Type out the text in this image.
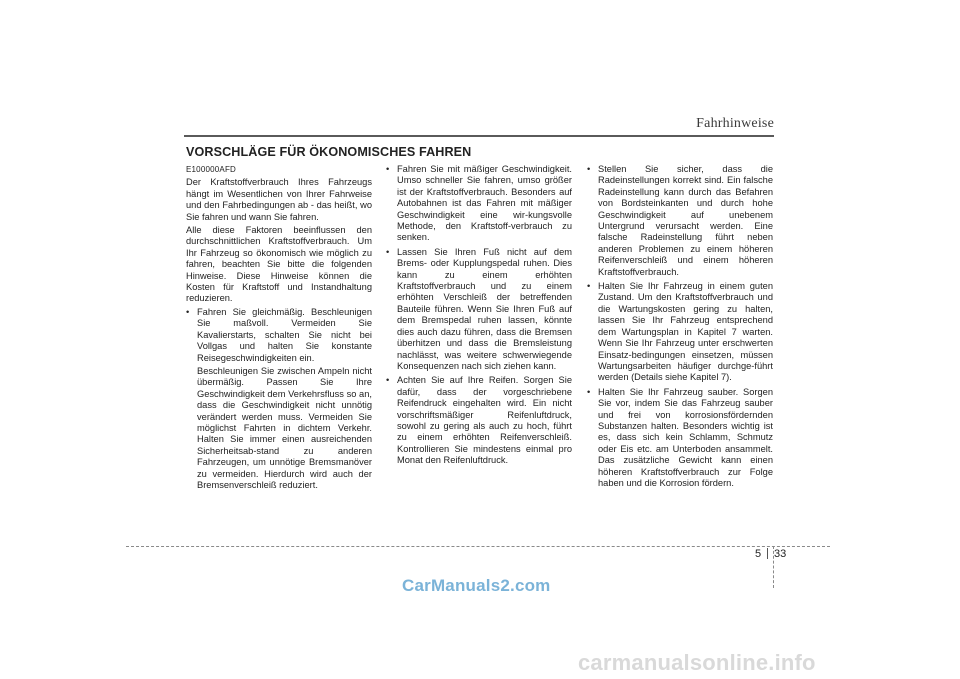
Fahrhinweise
VORSCHLÄGE FÜR ÖKONOMISCHES FAHREN

E100000AFD

Der Kraftstoffverbrauch Ihres Fahrzeugs hängt im Wesentlichen von Ihrer Fahrweise und den Fahrbedingungen ab - das heißt, wo Sie fahren und wann Sie fahren.

Alle diese Faktoren beeinflussen den durchschnittlichen Kraftstoffverbrauch. Um Ihr Fahrzeug so ökonomisch wie möglich zu fahren, beachten Sie bitte die folgenden Hinweise. Diese Hinweise können die Kosten für Kraftstoff und Instandhaltung reduzieren.

• Fahren Sie gleichmäßig. Beschleunigen Sie maßvoll. Vermeiden Sie Kavalierstarts, schalten Sie nicht bei Vollgas und halten Sie konstante Reisegeschwindigkeiten ein.

Beschleunigen Sie zwischen Ampeln nicht übermäßig. Passen Sie Ihre Geschwindigkeit dem Verkehrsfluss so an, dass die Geschwindigkeit nicht unnötig verändert werden muss. Vermeiden Sie möglichst Fahrten in dichtem Verkehr. Halten Sie immer einen ausreichenden Sicherheitsab-stand zu anderen Fahrzeugen, um unnötige Bremsmanöver zu vermeiden. Hierdurch wird auch der Bremsenverschleiß reduziert.

• Fahren Sie mit mäßiger Geschwindigkeit. Umso schneller Sie fahren, umso größer ist der Kraftstoffverbrauch. Besonders auf Autobahnen ist das Fahren mit mäßiger Geschwindigkeit eine wir-kungsvolle Methode, den Kraftstoff-verbrauch zu senken.

• Lassen Sie Ihren Fuß nicht auf dem Brems- oder Kupplungspedal ruhen. Dies kann zu einem erhöhten Kraftstoffverbrauch und zu einem erhöhten Verschleiß der betreffenden Bauteile führen. Wenn Sie Ihren Fuß auf dem Bremspedal ruhen lassen, könnte dies auch dazu führen, dass die Bremsen überhitzen und dass die Bremsleistung nachlässt, was weitere schwerwiegende Konsequenzen nach sich ziehen kann.

• Achten Sie auf Ihre Reifen. Sorgen Sie dafür, dass der vorgeschriebene Reifendruck eingehalten wird. Ein nicht vorschriftsmäßiger Reifenluftdruck, sowohl zu gering als auch zu hoch, führt zu einem erhöhten Reifenverschleiß. Kontrollieren Sie mindestens einmal pro Monat den Reifenluftdruck.

• Stellen Sie sicher, dass die Radeinstellungen korrekt sind. Ein falsche Radeinstellung kann durch das Befahren von Bordsteinkanten und durch hohe Geschwindigkeit auf unebenem Untergrund verursacht werden. Eine falsche Radeinstellung führt neben anderen Problemen zu einem höheren Reifenverschleiß und einem höheren Kraftstoffverbrauch.

• Halten Sie Ihr Fahrzeug in einem guten Zustand. Um den Kraftstoffverbrauch und die Wartungskosten gering zu halten, lassen Sie Ihr Fahrzeug entsprechend dem Wartungsplan in Kapitel 7 warten. Wenn Sie Ihr Fahrzeug unter erschwerten Einsatz-bedingungen einsetzen, müssen Wartungsarbeiten häufiger durchge-führt werden (Details siehe Kapitel 7).

• Halten Sie Ihr Fahrzeug sauber. Sorgen Sie vor, indem Sie das Fahrzeug sauber und frei von korrosionsfördernden Substanzen halten. Besonders wichtig ist es, dass sich kein Schlamm, Schmutz oder Eis etc. am Unterboden ansammelt. Das zusätzliche Gewicht kann einen höheren Kraftstoffverbrauch zur Folge haben und die Korrosion fördern.

5 33
CarManuals2.com
carmanualsonline.info
